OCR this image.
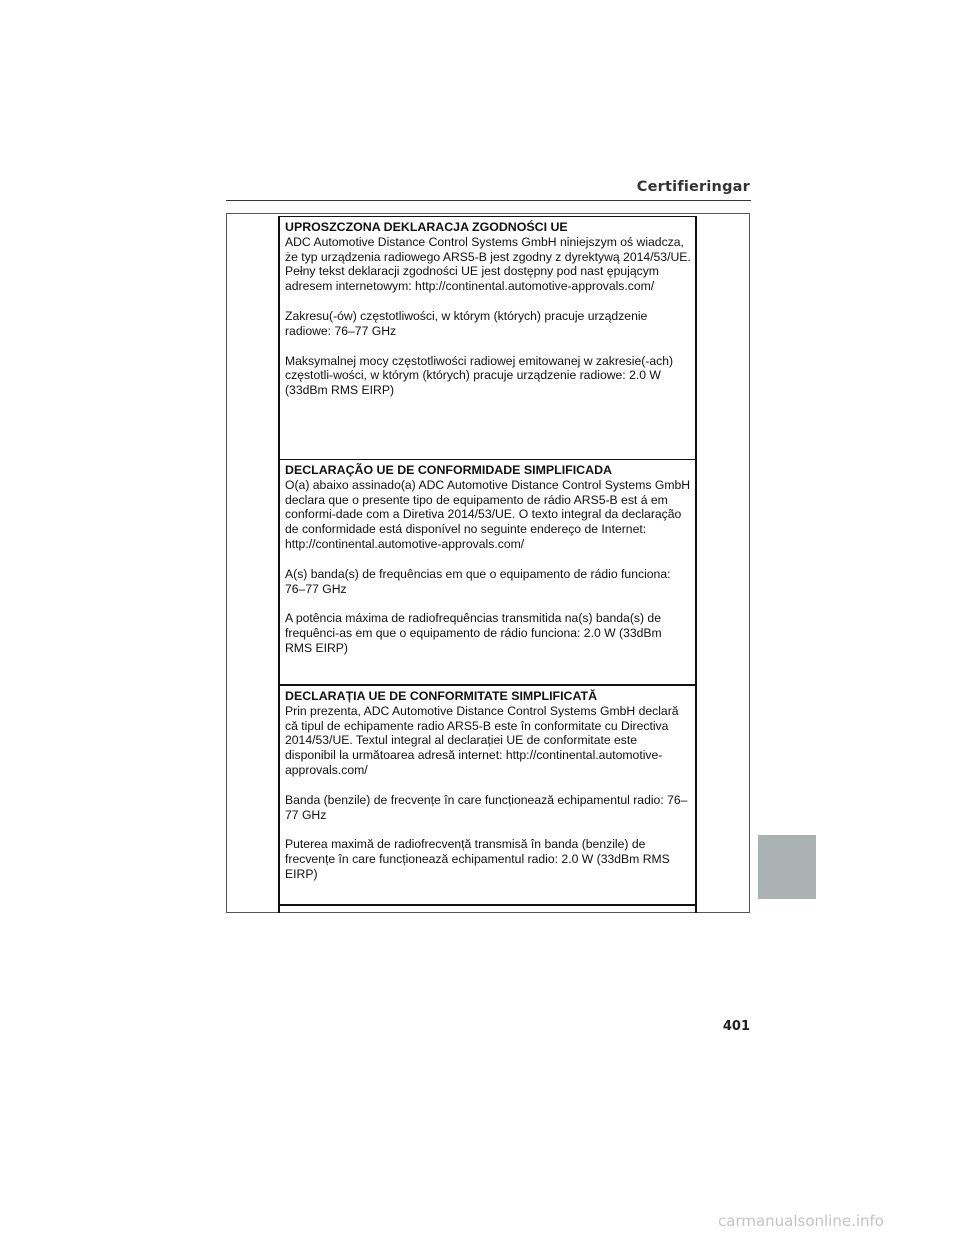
Certifieringar

UPROSZCZONA DEKLARACJA ZGODNOŚCI UE

ADC Automotive Distance Control Systems GmbH niniejszym oś wiadcza, że typ urządzenia radiowego ARS5-B jest zgodny z dyrektywą 2014/53/UE. Pełny tekst deklaracji zgodności UE jest dostępny pod nast ępującym adresem internetowym: http://continental.automotive-approvals.com/

Zakresu(-ów) częstotliwości, w którym (których) pracuje urządzenie radiowe: 76–77 GHz

Maksymalnej mocy częstotliwości radiowej emitowanej w zakresie(-ach) częstotli-wości, w którym (których) pracuje urządzenie radiowe: 2.0 W (33dBm RMS EIRP)

DECLARAÇÃO UE DE CONFORMIDADE SIMPLIFICADA

O(a) abaixo assinado(a) ADC Automotive Distance Control Systems GmbH declara que o presente tipo de equipamento de rádio ARS5-B est á em conformi-dade com a Diretiva 2014/53/UE. O texto integral da declaração de conformidade está disponível no seguinte endereço de Internet: http://continental.automotive-approvals.com/

A(s) banda(s) de frequências em que o equipamento de rádio funciona: 76–77 GHz

A potência máxima de radiofrequências transmitida na(s) banda(s) de frequênci-as em que o equipamento de rádio funciona: 2.0 W (33dBm RMS EIRP)

DECLARAȚIA UE DE CONFORMITATE SIMPLIFICATĂ

Prin prezenta, ADC Automotive Distance Control Systems GmbH declară că tipul de echipamente radio ARS5-B este în conformitate cu Directiva 2014/53/UE. Textul integral al declarației UE de conformitate este disponibil la următoarea adresă internet: http://continental.automotive-approvals.com/

Banda (benzile) de frecvențe în care funcționează echipamentul radio: 76–77 GHz

Puterea maximă de radiofrecvență transmisă în banda (benzile) de frecvențe în care funcționează echipamentul radio: 2.0 W (33dBm RMS EIRP)

401
carmanualsonline.info
